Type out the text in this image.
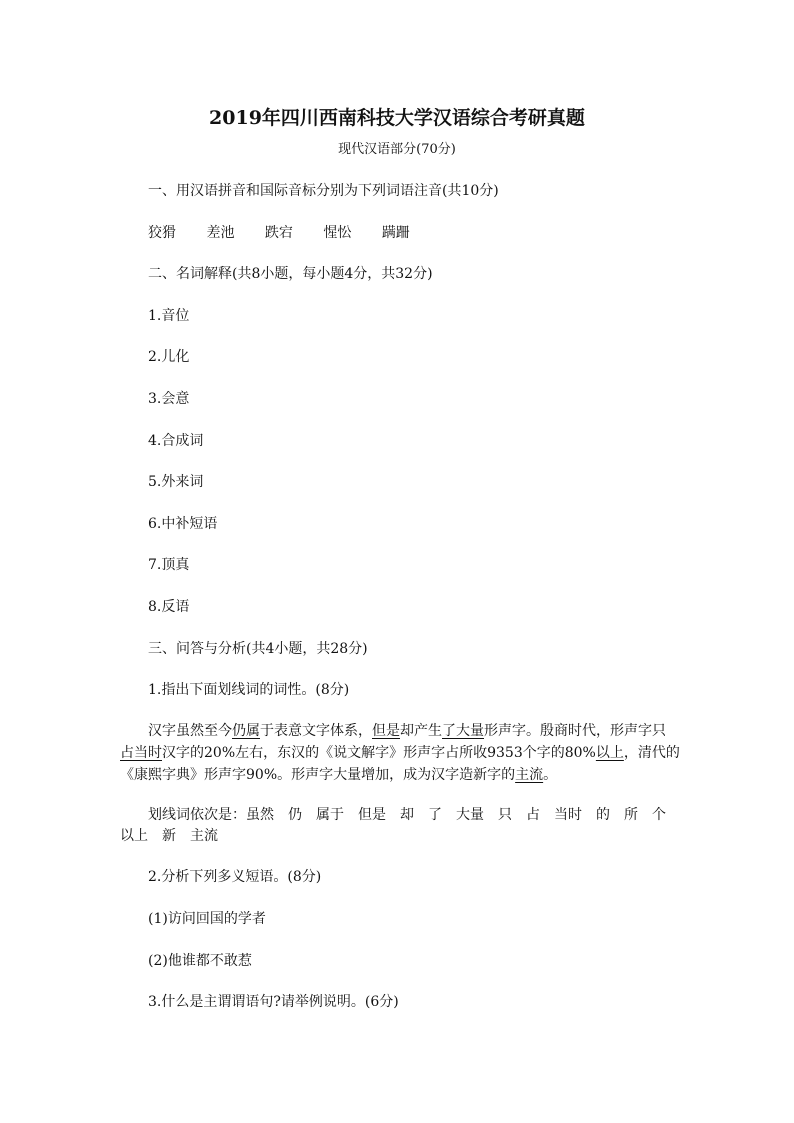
2019年四川西南科技大学汉语综合考研真题
现代汉语部分(70分)
一、用汉语拼音和国际音标分别为下列词语注音(共10分)
狡猾 差池 跌宕 惺忪 蹒跚
二、名词解释(共8小题，每小题4分，共32分)
1.音位
2.儿化
3.会意
4.合成词
5.外来词
6.中补短语
7.顶真
8.反语
三、问答与分析(共4小题，共28分)
1.指出下面划线词的词性。(8分)
汉字虽然至今仍属于表意文字体系，但是却产生了大量形声字。殷商时代，形声字只
占当时汉字的20%左右，东汉的《说文解字》形声字占所收9353个字的80%以上，清代的
《康熙字典》形声字90%。形声字大量增加，成为汉字造新字的主流。
划线词依次是：虽然 仍 属于 但是 却 了 大量 只 占 当时 的 所 个
以上　新　主流
2.分析下列多义短语。(8分)
(1)访问回国的学者
(2)他谁都不敢惹
3.什么是主谓谓语句?请举例说明。(6分)
